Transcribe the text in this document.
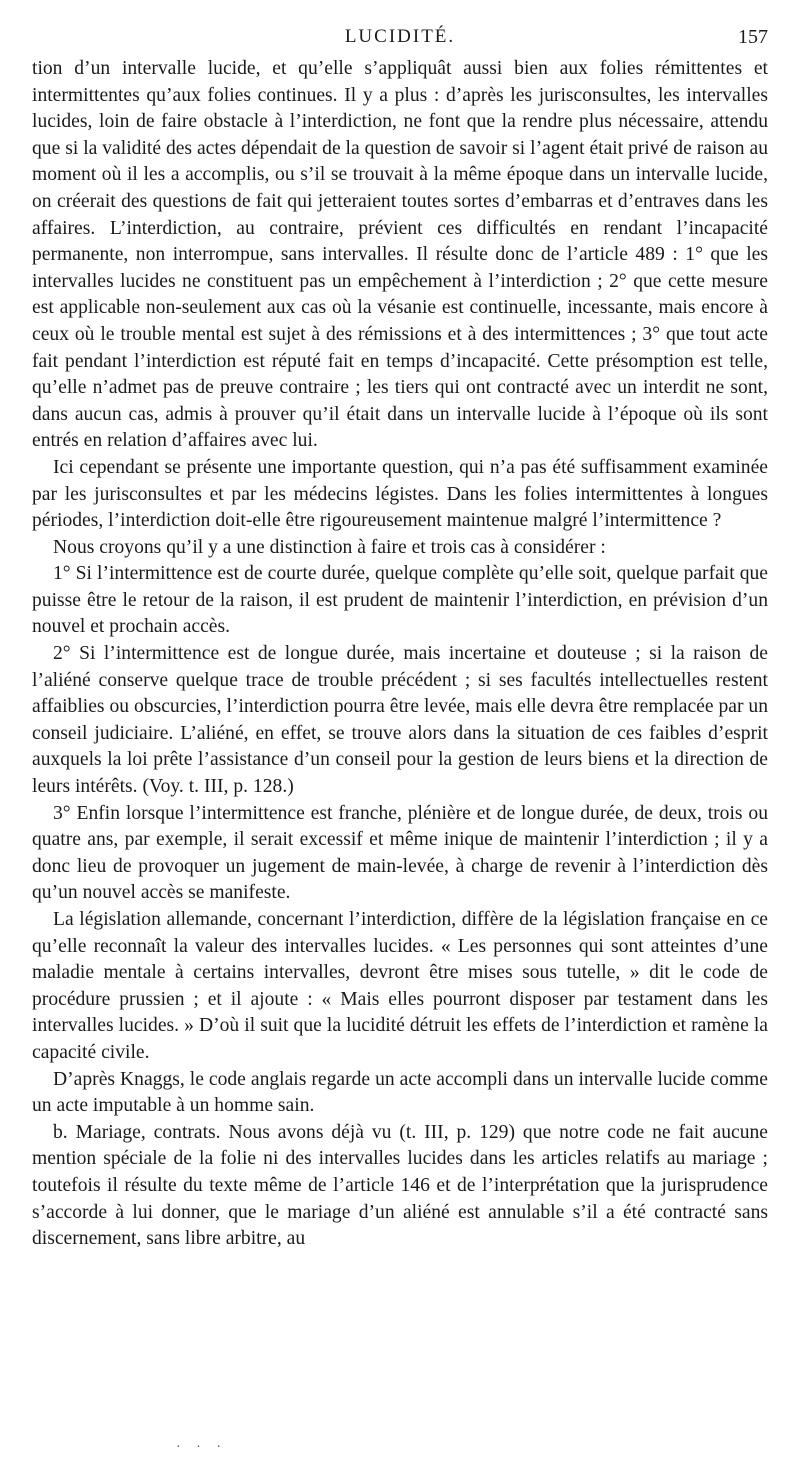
LUCIDITÉ.	157

tion d’un intervalle lucide, et qu’elle s’appliquât aussi bien aux folies rémittentes et intermittentes qu’aux folies continues. Il y a plus : d’après les jurisconsultes, les intervalles lucides, loin de faire obstacle à l’interdiction, ne font que la rendre plus nécessaire, attendu que si la validité des actes dépendait de la question de savoir si l’agent était privé de raison au moment où il les a accomplis, ou s’il se trouvait à la même époque dans un intervalle lucide, on créerait des questions de fait qui jetteraient toutes sortes d’embarras et d’entraves dans les affaires. L’interdiction, au contraire, prévient ces difficultés en rendant l’incapacité permanente, non interrompue, sans intervalles. Il résulte donc de l’article 489 : 1° que les intervalles lucides ne constituent pas un empêchement à l’interdiction ; 2° que cette mesure est applicable non-seulement aux cas où la vésanie est continuelle, incessante, mais encore à ceux où le trouble mental est sujet à des rémissions et à des intermittences ; 3° que tout acte fait pendant l’interdiction est réputé fait en temps d’incapacité. Cette présomption est telle, qu’elle n’admet pas de preuve contraire ; les tiers qui ont contracté avec un interdit ne sont, dans aucun cas, admis à prouver qu’il était dans un intervalle lucide à l’époque où ils sont entrés en relation d’affaires avec lui.

Ici cependant se présente une importante question, qui n’a pas été suffisamment examinée par les jurisconsultes et par les médecins légistes. Dans les folies intermittentes à longues périodes, l’interdiction doit-elle être rigoureusement maintenue malgré l’intermittence ?

Nous croyons qu’il y a une distinction à faire et trois cas à considérer :

1° Si l’intermittence est de courte durée, quelque complète qu’elle soit, quelque parfait que puisse être le retour de la raison, il est prudent de maintenir l’interdiction, en prévision d’un nouvel et prochain accès.

2° Si l’intermittence est de longue durée, mais incertaine et douteuse ; si la raison de l’aliéné conserve quelque trace de trouble précédent ; si ses facultés intellectuelles restent affaiblies ou obscurcies, l’interdiction pourra être levée, mais elle devra être remplacée par un conseil judiciaire. L’aliéné, en effet, se trouve alors dans la situation de ces faibles d’esprit auxquels la loi prête l’assistance d’un conseil pour la gestion de leurs biens et la direction de leurs intérêts. (Voy. t. III, p. 128.)

3° Enfin lorsque l’intermittence est franche, plénière et de longue durée, de deux, trois ou quatre ans, par exemple, il serait excessif et même inique de maintenir l’interdiction ; il y a donc lieu de provoquer un jugement de main-levée, à charge de revenir à l’interdiction dès qu’un nouvel accès se manifeste.

La législation allemande, concernant l’interdiction, diffère de la législation française en ce qu’elle reconnaît la valeur des intervalles lucides. « Les personnes qui sont atteintes d’une maladie mentale à certains intervalles, devront être mises sous tutelle, » dit le code de procédure prussien ; et il ajoute : « Mais elles pourront disposer par testament dans les intervalles lucides. » D’où il suit que la lucidité détruit les effets de l’interdiction et ramène la capacité civile.

D’après Knaggs, le code anglais regarde un acte accompli dans un intervalle lucide comme un acte imputable à un homme sain.

b. Mariage, contrats. Nous avons déjà vu (t. III, p. 129) que notre code ne fait aucune mention spéciale de la folie ni des intervalles lucides dans les articles relatifs au mariage ; toutefois il résulte du texte même de l’article 146 et de l’interprétation que la jurisprudence s’accorde à lui donner, que le mariage d’un aliéné est annulable s’il a été contracté sans discernement, sans libre arbitre, au

· · ·
